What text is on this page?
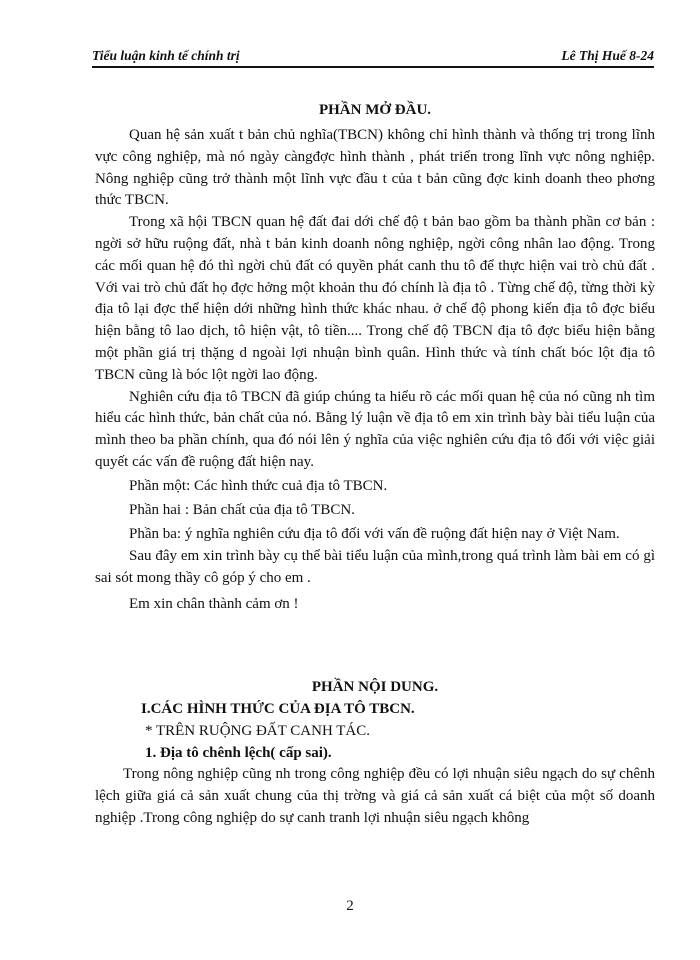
Tiểu luận kinh tế chính trị	Lê Thị Huế 8-24
PHẦN MỞ ĐẦU.

Quan hệ sản xuất t bản chủ nghĩa(TBCN) không chỉ hình thành và thống trị trong lĩnh vực công nghiệp, mà nó ngày càngđợc hình thành , phát triển trong lĩnh vực nông nghiệp. Nông nghiệp cũng trở thành một lĩnh vực đầu t của t bản cũng đợc kinh doanh theo phơng thức TBCN.

Trong xã hội TBCN quan hệ đất đai dới chế độ t bản bao gồm ba thành phần cơ bản : ngời sở hữu ruộng đất, nhà t bản kinh doanh nông nghiệp, ngời công nhân lao động. Trong các mối quan hệ đó thì ngời chủ đất có quyền phát canh thu tô để thực hiện vai trò chủ đất . Với vai trò chủ đất họ đợc hởng một khoản thu đó chính là địa tô . Từng chế độ, từng thời kỳ địa tô lại đợc thể hiện dới những hình thức khác nhau. ở chế độ phong kiến địa tô đợc biểu hiện bằng tô lao dịch, tô hiện vật, tô tiền.... Trong chế độ TBCN địa tô đợc biểu hiện bằng một phần giá trị thặng d ngoài lợi nhuận bình quân. Hình thức và tính chất bóc lột địa tô TBCN cũng là bóc lột ngời lao động.

Nghiên cứu địa tô TBCN đã giúp chúng ta hiểu rõ các mối quan hệ của nó cũng nh tìm hiểu các hình thức, bản chất của nó. Bằng lý luận về địa tô em xin trình bày bài tiểu luận của mình theo ba phần chính, qua đó nói lên ý nghĩa của việc nghiên cứu địa tô đối với việc giải quyết các vấn đề ruộng đất hiện nay.

Phần một: Các hình thức cuả địa tô TBCN.

Phần hai : Bản chất của địa tô TBCN.

Phần ba: ý nghĩa nghiên cứu địa tô đối với vấn đề ruộng đất hiện nay ở Việt Nam.

Sau đây em xin trình bày cụ thể bài tiểu luận của mình,trong quá trình làm bài em có gì sai sót mong thầy cô góp ý cho em .

Em xin chân thành cảm ơn !

PHẦN NỘI DUNG.
I.CÁC HÌNH THỨC CỦA ĐỊA TÔ TBCN.
* TRÊN RUỘNG ĐẤT CANH TÁC.
1. Địa tô chênh lệch( cấp sai).

Trong nông nghiệp cũng nh trong công nghiệp đều có lợi nhuận siêu ngạch do sự chênh lệch giữa giá cả sản xuất chung của thị trờng và giá cả sản xuất cá biệt của một số doanh nghiệp .Trong công nghiệp do sự canh tranh lợi nhuận siêu ngạch không

2
